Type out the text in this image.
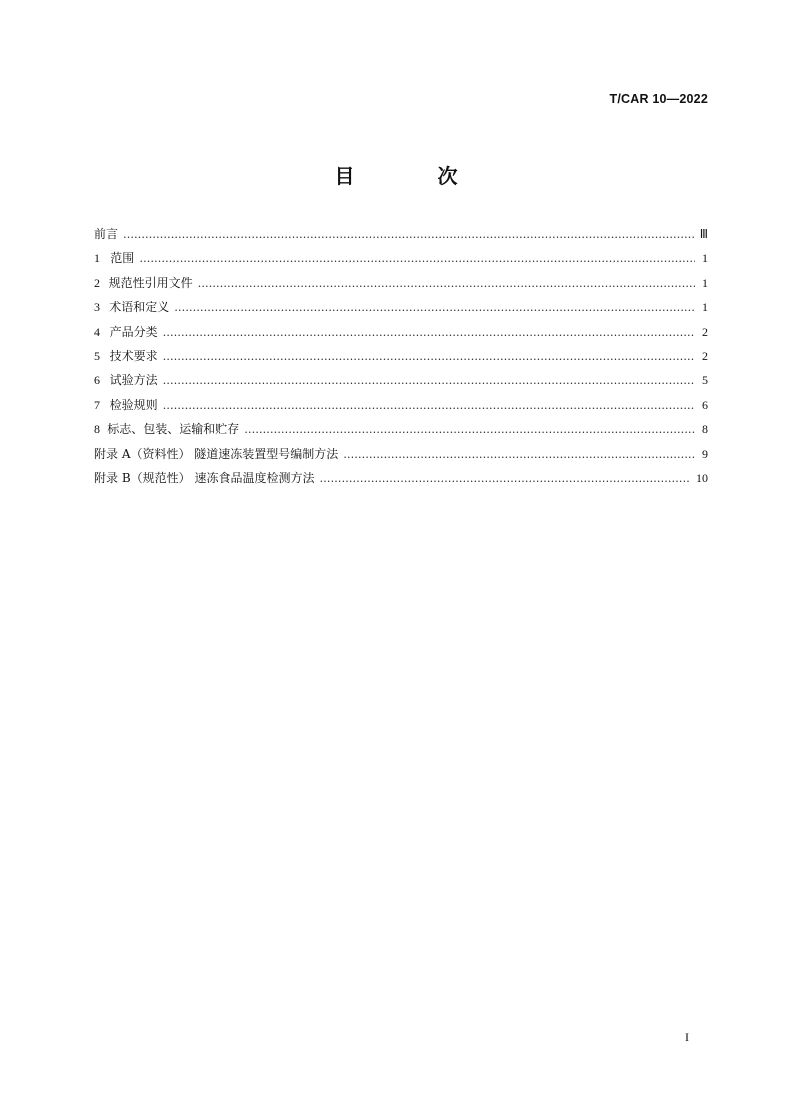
T/CAR 10—2022
目 次
前言 ……………………………………………………………………………………………………………………………………………………………………	Ⅲ
1 范围 ……………………………………………………………………………………………………………………………………………………………………	1
2 规范性引用文件 ……………………………………………………………………………………………………………………………………………………………………	1
3 术语和定义 ……………………………………………………………………………………………………………………………………………………………………	1
4 产品分类 ……………………………………………………………………………………………………………………………………………………………………	2
5 技术要求 ……………………………………………………………………………………………………………………………………………………………………	2
6 试验方法 ……………………………………………………………………………………………………………………………………………………………………	5
7 检验规则 ……………………………………………………………………………………………………………………………………………………………………	6
8 标志、包装、运输和贮存 ……………………………………………………………………………………………………………………………………………………………………	8
附录 A（资料性） 隧道速冻装置型号编制方法 ……………………………………………………………………………………………………………………………………………………………………	9
附录 B（规范性） 速冻食品温度检测方法 ……………………………………………………………………………………………………………………………………………………………………	10
I
